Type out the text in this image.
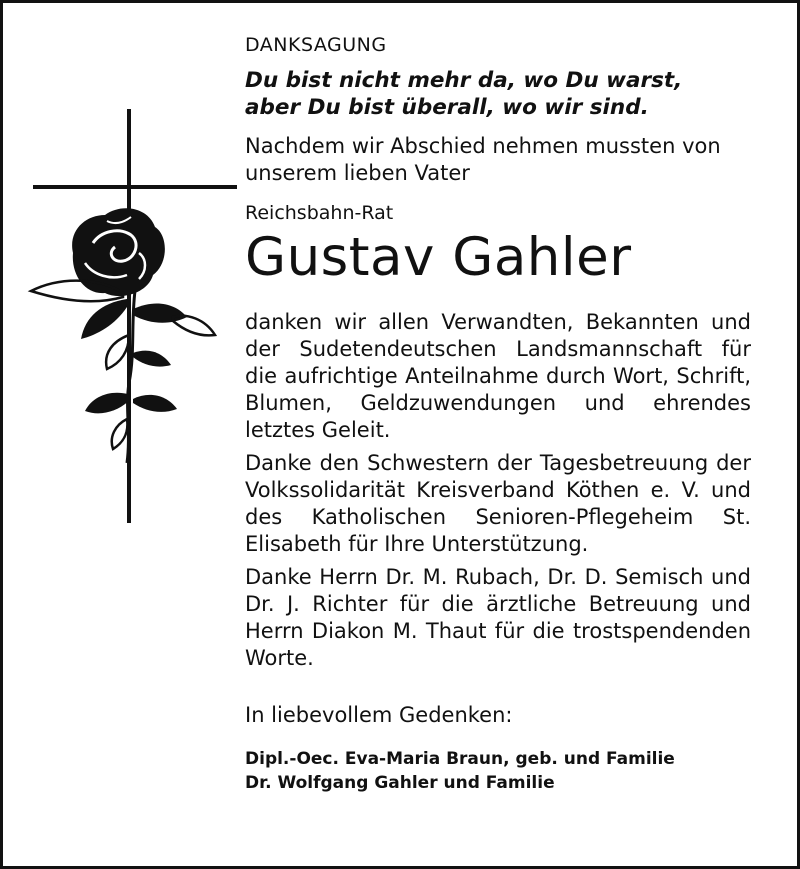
DANKSAGUNG
Du bist nicht mehr da, wo Du warst,
aber Du bist überall, wo wir sind.
Nachdem wir Abschied nehmen mussten von
unserem lieben Vater
Reichsbahn-Rat
Gustav Gahler

danken wir allen Verwandten, Bekannten und der Sudetendeutschen Landsmannschaft für die aufrichtige Anteilnahme durch Wort, Schrift, Blumen, Geldzuwendungen und ehrendes letztes Geleit.

Danke den Schwestern der Tagesbetreuung der Volkssolidarität Kreisverband Köthen e. V. und des Katholischen Senioren-Pflegeheim St. Elisabeth für Ihre Unterstützung.

Danke Herrn Dr. M. Rubach, Dr. D. Semisch und Dr. J. Richter für die ärztliche Betreuung und Herrn Diakon M. Thaut für die trostspendenden Worte.

In liebevollem Gedenken:

Dipl.-Oec. Eva-Maria Braun, geb. und Familie

Dr. Wolfgang Gahler und Familie
